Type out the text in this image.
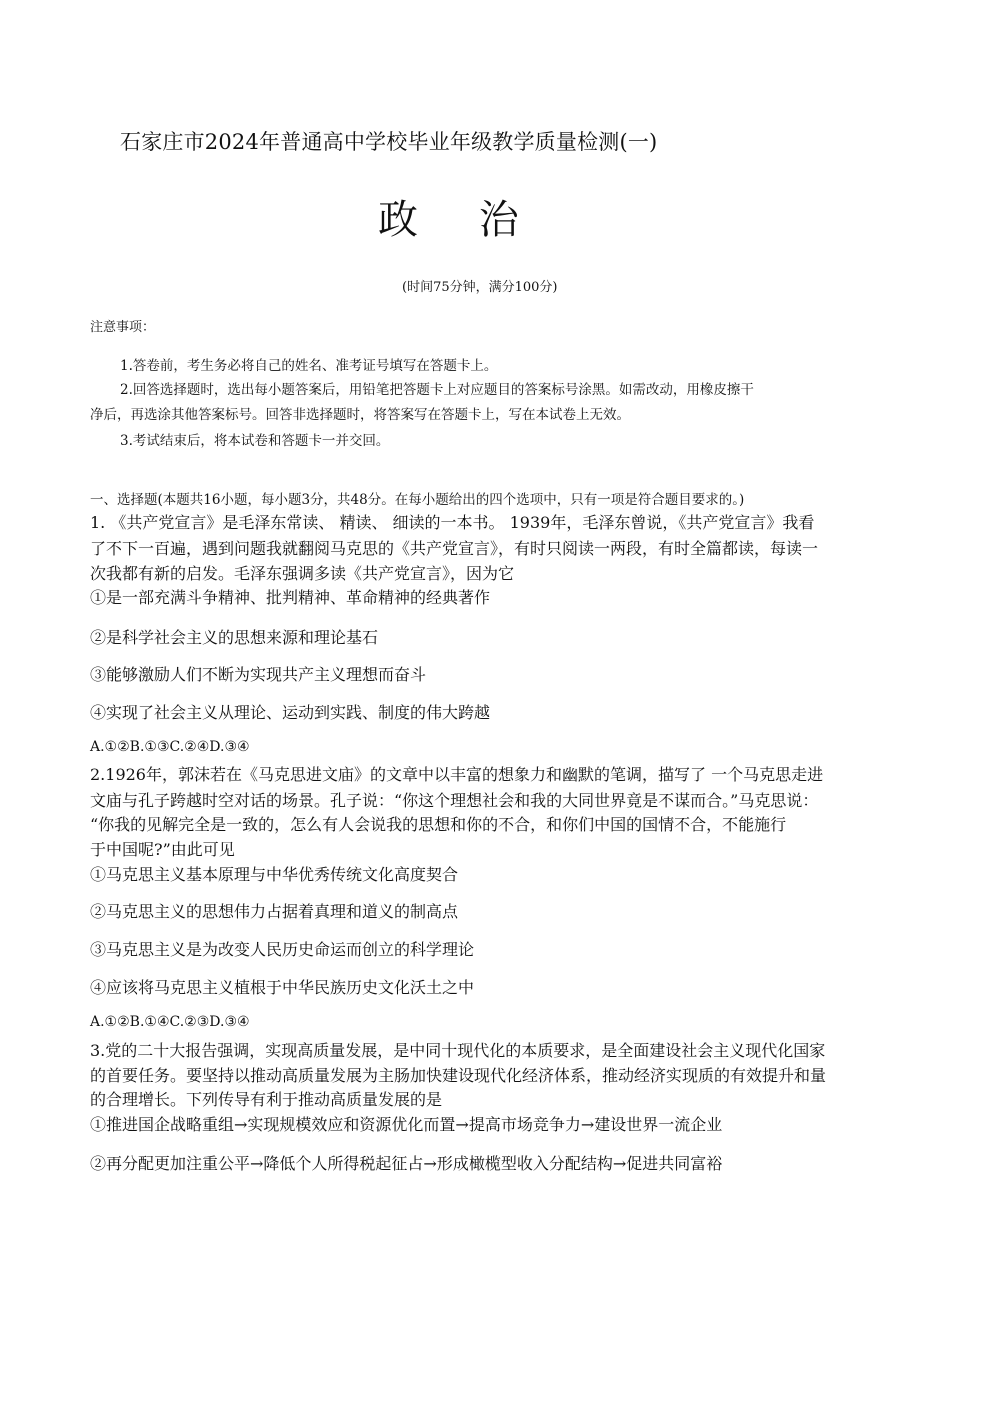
石家庄市2024年普通高中学校毕业年级教学质量检测(一)
政 治
(时间75分钟，满分100分)
注意事项：
1.答卷前，考生务必将自己的姓名、准考证号填写在答题卡上。
2.回答选择题时，选出每小题答案后，用铅笔把答题卡上对应题目的答案标号涂黑。如需改动，用橡皮擦干
净后，再选涂其他答案标号。回答非选择题时，将答案写在答题卡上，写在本试卷上无效。
3.考试结束后，将本试卷和答题卡一并交回。
一、选择题(本题共16小题，每小题3分，共48分。在每小题给出的四个选项中，只有一项是符合题目要求的。)
1. 《共产党宣言》是毛泽东常读、 精读、 细读的一本书。 1939年，毛泽东曾说，《共产党宣言》我看
了不下一百遍，遇到问题我就翻阅马克思的《共产党宣言》，有时只阅读一两段，有时全篇都读，每读一
次我都有新的启发。毛泽东强调多读《共产党宣言》，因为它
①是一部充满斗争精神、批判精神、革命精神的经典著作
②是科学社会主义的思想来源和理论基石
③能够激励人们不断为实现共产主义理想而奋斗
④实现了社会主义从理论、运动到实践、制度的伟大跨越
A.①②B.①③C.②④D.③④
2.1926年，郭沫若在《马克思进文庙》的文章中以丰富的想象力和幽默的笔调，描写了 一个马克思走进
文庙与孔子跨越时空对话的场景。孔子说：“你这个理想社会和我的大同世界竟是不谋而合。”马克思说：
“你我的见解完全是一致的，怎么有人会说我的思想和你的不合，和你们中国的国情不合，不能施行
于中国呢?”由此可见
①马克思主义基本原理与中华优秀传统文化高度契合
②马克思主义的思想伟力占据着真理和道义的制高点
③马克思主义是为改变人民历史命运而创立的科学理论
④应该将马克思主义植根于中华民族历史文化沃土之中
A.①②B.①④C.②③D.③④
3.党的二十大报告强调，实现高质量发展，是中同十现代化的本质要求，是全面建设社会主义现代化国家
的首要任务。要坚持以推动高质量发展为主肠加快建设现代化经济体系，推动经济实现质的有效提升和量
的合理增长。下列传导有利于推动高质量发展的是
①推进国企战略重组→实现规模效应和资源优化而置→提高市场竞争力→建设世界一流企业
②再分配更加注重公平→降低个人所得税起征占→形成橄榄型收入分配结构→促进共同富裕
